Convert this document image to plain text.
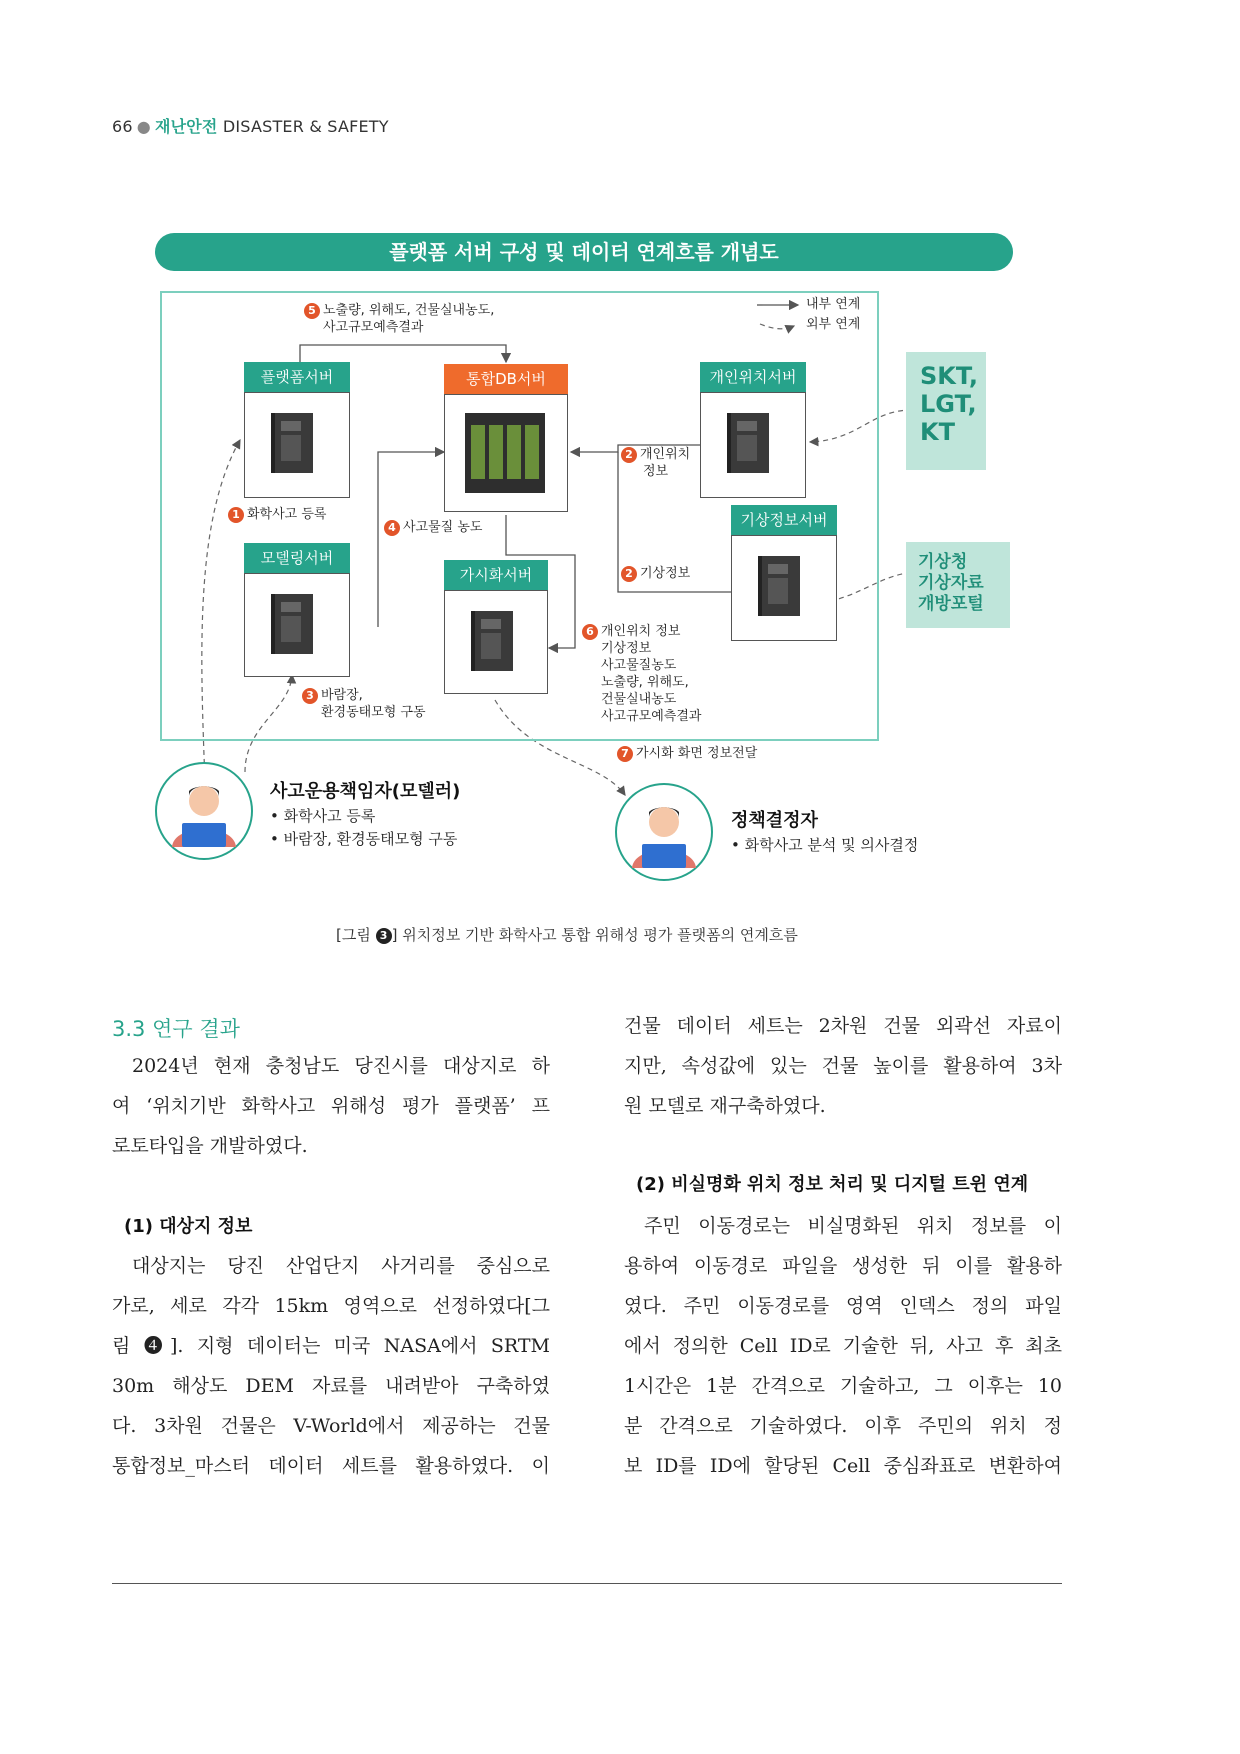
66 ● 재난안전 DISASTER & SAFETY
플랫폼 서버 구성 및 데이터 연계흐름 개념도
내부 연계
외부 연계
플랫폼서버	통합DB서버	개인위치서버
기상정보서버
모델링서버
가시화서버
SKT,
LGT,
KT
기상청
기상자료
개방포털
5 노출량, 위해도, 건물실내농도,
사고규모예측결과
1 화학사고 등록
4 사고물질 농도
2 개인위치
정보
2 기상정보
3 바람장,
환경동태모형 구동
6 개인위치 정보
기상정보
사고물질농도
노출량, 위해도,
건물실내농도
사고규모예측결과
7 가시화 화면 정보전달
사고운용책임자(모델러)
• 화학사고 등록
• 바람장, 환경동태모형 구동
정책결정자
• 화학사고 분석 및 의사결정
[그림 3 ] 위치정보 기반 화학사고 통합 위해성 평가 플랫폼의 연계흐름
3.3 연구 결과
2024년 현재 충청남도 당진시를 대상지로 하
여 ‘위치기반 화학사고 위해성 평가 플랫폼’ 프
로토타입을 개발하였다.
(1) 대상지 정보
대상지는 당진 산업단지 사거리를 중심으로
가로, 세로 각각 15km 영역으로 선정하였다[그
림 ❹]. 지형 데이터는 미국 NASA에서 SRTM
30m 해상도 DEM 자료를 내려받아 구축하였
다. 3차원 건물은 V-World에서 제공하는 건물
통합정보_마스터 데이터 세트를 활용하였다. 이
건물 데이터 세트는 2차원 건물 외곽선 자료이
지만, 속성값에 있는 건물 높이를 활용하여 3차
원 모델로 재구축하였다.
(2) 비실명화 위치 정보 처리 및 디지털 트윈 연계
주민 이동경로는 비실명화된 위치 정보를 이
용하여 이동경로 파일을 생성한 뒤 이를 활용하
였다. 주민 이동경로를 영역 인덱스 정의 파일
에서 정의한 Cell ID로 기술한 뒤, 사고 후 최초
1시간은 1분 간격으로 기술하고, 그 이후는 10
분 간격으로 기술하였다. 이후 주민의 위치 정
보 ID를 ID에 할당된 Cell 중심좌표로 변환하여
